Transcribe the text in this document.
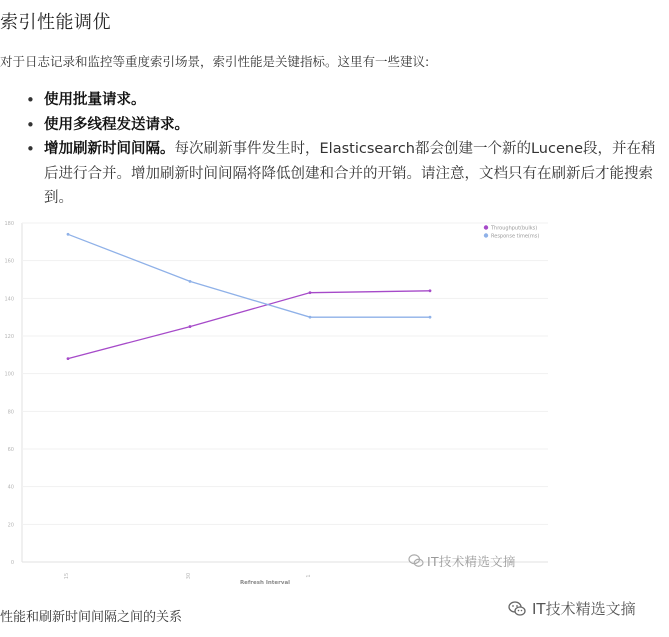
索引性能调优
对于日志记录和监控等重度索引场景，索引性能是关键指标。这里有一些建议:
• 使用批量请求。
• 使用多线程发送请求。
• 增加刷新时间间隔。每次刷新事件发生时，Elasticsearch都会创建一个新的Lucene段，并在稍后进行合并。增加刷新时间间隔将降低创建和合并的开销。请注意，文档只有在刷新后才能搜索到。
0
20
40
60
80
100
120
140
160
180
15	30	1
Refresh Interval
Throughput(bulks)
Response time(ms)
IT技术精选文摘
性能和刷新时间间隔之间的关系	IT技术精选文摘
